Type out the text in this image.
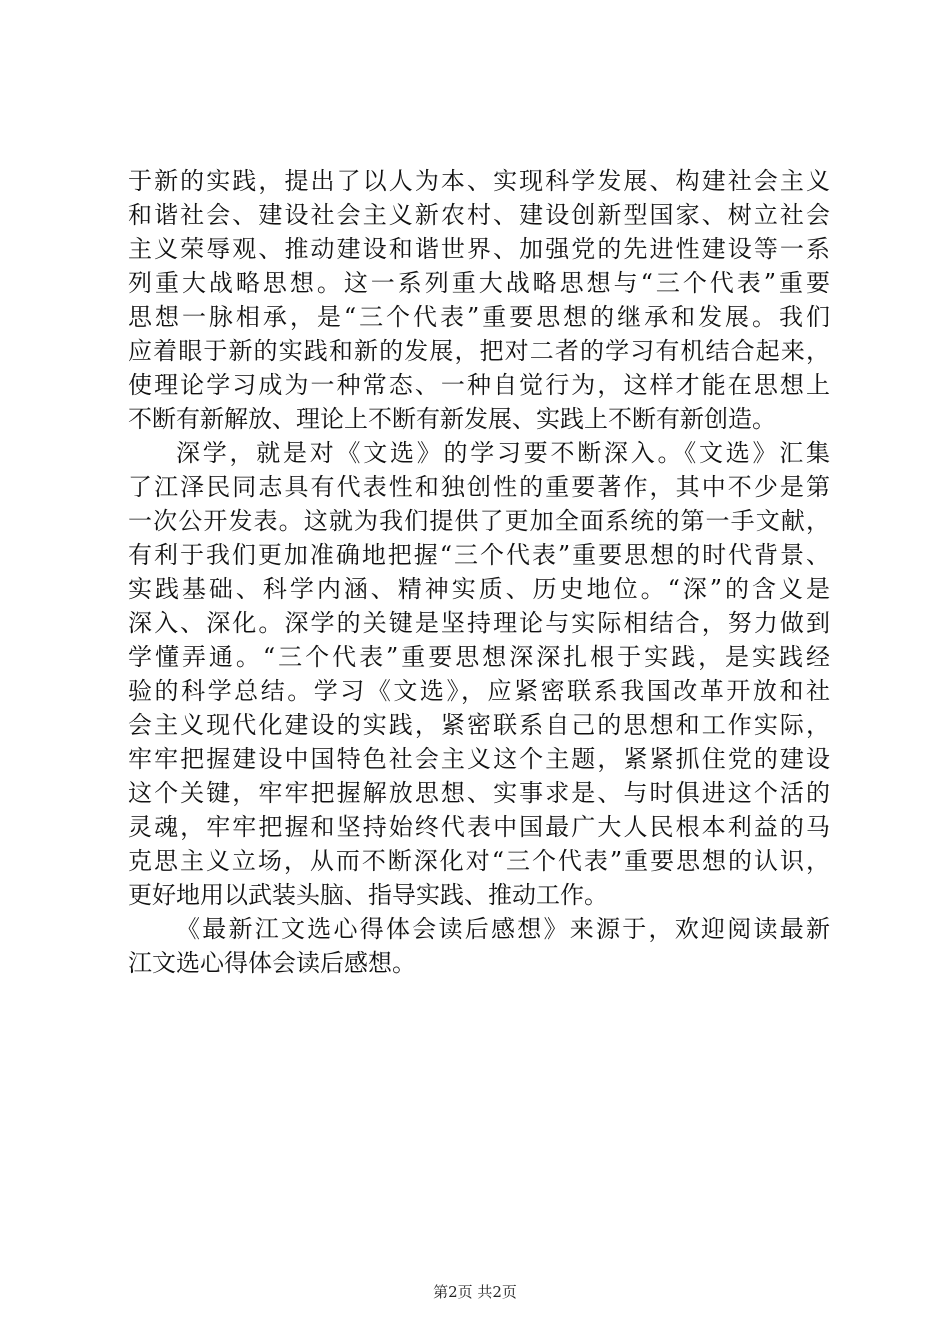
于新的实践，提出了以人为本、实现科学发展、构建社会主义
和谐社会、建设社会主义新农村、建设创新型国家、树立社会
主义荣辱观、推动建设和谐世界、加强党的先进性建设等一系
列重大战略思想。这一系列重大战略思想与“三个代表”重要
思想一脉相承，是“三个代表”重要思想的继承和发展。我们
应着眼于新的实践和新的发展，把对二者的学习有机结合起来，
使理论学习成为一种常态、一种自觉行为，这样才能在思想上
不断有新解放、理论上不断有新发展、实践上不断有新创造。
深学，就是对《文选》的学习要不断深入。《文选》汇集
了江泽民同志具有代表性和独创性的重要著作，其中不少是第
一次公开发表。这就为我们提供了更加全面系统的第一手文献，
有利于我们更加准确地把握“三个代表”重要思想的时代背景、
实践基础、科学内涵、精神实质、历史地位。“深”的含义是
深入、深化。深学的关键是坚持理论与实际相结合，努力做到
学懂弄通。“三个代表”重要思想深深扎根于实践，是实践经
验的科学总结。学习《文选》，应紧密联系我国改革开放和社
会主义现代化建设的实践，紧密联系自己的思想和工作实际，
牢牢把握建设中国特色社会主义这个主题，紧紧抓住党的建设
这个关键，牢牢把握解放思想、实事求是、与时俱进这个活的
灵魂，牢牢把握和坚持始终代表中国最广大人民根本利益的马
克思主义立场，从而不断深化对“三个代表”重要思想的认识，
更好地用以武装头脑、指导实践、推动工作。
《最新江文选心得体会读后感想》来源于，欢迎阅读最新
江文选心得体会读后感想。
第2页 共2页
